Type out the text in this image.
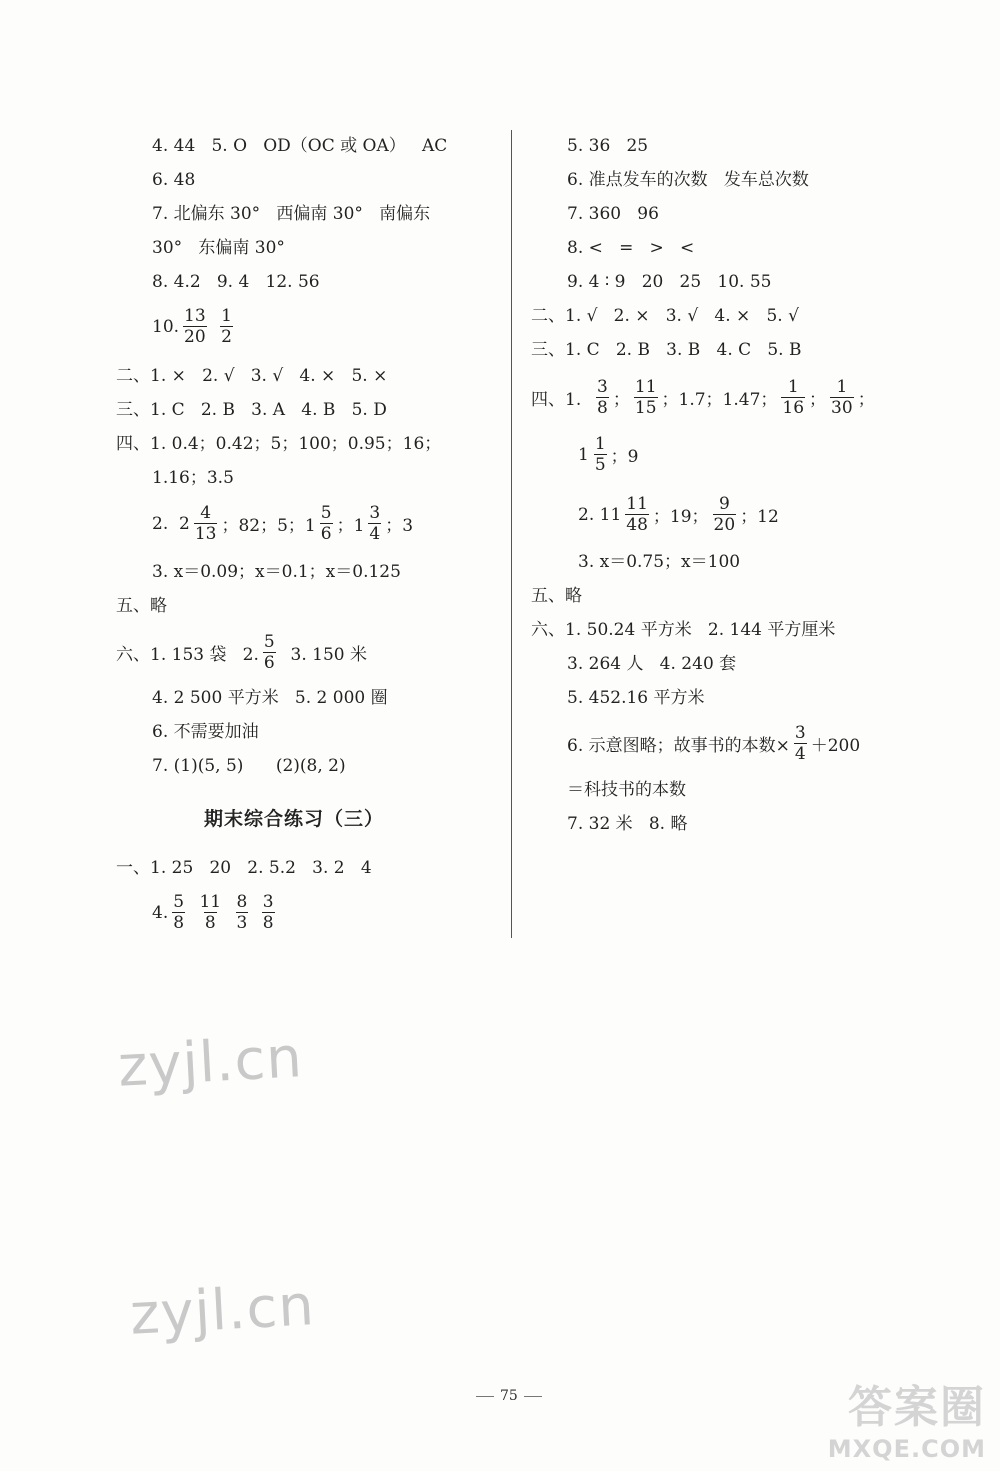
4. 44   5. O   OD（OC 或 OA）   AC
6. 48
7. 北偏东 30°   西偏南 30°   南偏东
30°   东偏南 30°
8. 4.2   9. 4   12. 56
10. $\frac{13}{20}$
$\frac{1}{2}$
二、1. ×   2. √   3. √   4. ×   5. ×
三、1. C   2. B   3. A   4. B   5. D
四、1. 0.4；0.42；5；100；0.95；16；
1.16；3.5
2.  $2 \frac{4}{13}$ ；82；5；$1 \frac{5}{6}$ ；$1 \frac{3}{4}$ ；3
3. x＝0.09；x＝0.1；x＝0.125
五、略
六、1. 153 袋   2. $\frac{5}{6} 3$. 150 米
4. 2 500 平方米   5. 2 000 圈
6. 不需要加油
7. (1)(5, 5)      (2)(8, 2)
期末综合练习（三）
一、1. 25   20   2. 5.2   3. 2   4
4. $\frac{5}{8}$
$\frac{11}{8}$
$\frac{8}{3}$
$\frac{3}{8}$
5. 36   25
6. 准点发车的次数   发车总次数
7. 360   96
8. <   =   >   <
9. 4 ∶ 9   20   25   10. 55
二、1. √   2. ×   3. √   4. ×   5. √
三、1. C   2. B   3. B   4. C   5. B
四、1.
$\frac{3}{8}$ ； $\frac{11}{15}$ ；1.7；1.47； $\frac{1}{16}$ ； $\frac{1}{30}$ ；
$1 \frac{1}{5}$ ；9
2. $11 \frac{11}{48}$ ；19； $\frac{9}{20}$ ；12
3. x＝0.75；x＝100
五、略
六、1. 50.24 平方米   2. 144 平方厘米
3. 264 人   4. 240 套
5. 452.16 平方米
6. 示意图略；故事书的本数× $\frac{3}{4} +200$
＝科技书的本数
7. 32 米   8. 略
zyjl.cn
zyjl.cn
75	答案圈
MXQE.COM
